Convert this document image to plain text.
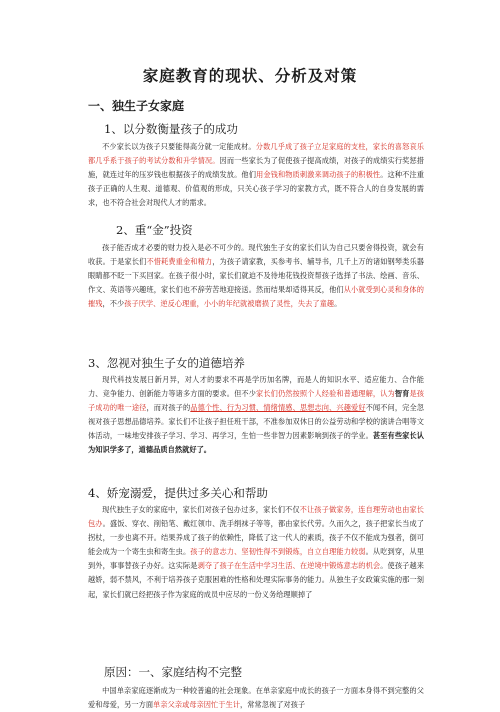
家庭教育的现状、分析及对策
一、独生子女家庭
1、以分数衡量孩子的成功
不少家长以为孩子只要能得高分就一定能成材。分数几乎成了孩子立足家庭的支柱，家长的喜怒哀乐都几乎系于孩子的考试分数和升学情况。因而一些家长为了促使孩子提高成绩，对孩子的成绩实行奖惩措施，就连过年的压岁钱也根据孩子的成绩发放。他们用金钱和物质刺激来调动孩子的积极性。这种不注重孩子正确的人生观、道德观、价值观的形成，只关心孩子学习的家教方式，既不符合人的自身发展的需求，也不符合社会对现代人才的需求。
2、重“金”投资
孩子能否成才必要的财力投入是必不可少的。现代独生子女的家长们认为自己只要舍得投资，就会有收获。于是家长们不惜耗费重金和精力，为孩子请家教，买参考书、辅导书，几千上万的诸如钢琴类乐器眼睛都不眨一下买回家。在孩子很小时，家长们就迫不及待地花钱投资帮孩子选择了书法、绘画、音乐、作文、英语等兴趣班，家长们也不辞劳苦地迎接送。然而结果却适得其反，他们从小就受到心灵和身体的摧残，不少孩子厌学、逆反心理重，小小的年纪就被磨损了灵性，失去了童趣。
3、忽视对独生子女的道德培养
现代科技发展日新月异，对人才的要求不再是学历加名牌，而是人的知识水平、适应能力、合作能力、竞争能力、创新能力等诸多方面的要求。但不少家长们仍然按照个人经验和普通理解，认为智育是孩子成功的唯一途径，而对孩子的品德个性、行为习惯、情绪情感、思想志向、兴趣爱好不闻不问，完全忽视对孩子思想品德培养。家长们不让孩子担任班干部，不准参加双休日的公益劳动和学校的演讲合唱等文体活动，一味地安排孩子学习、学习、再学习，生怕一些非智力因素影响到孩子的学业。甚至有些家长认为知识学多了，道德品质自然就好了。
4、娇宠溺爱，提供过多关心和帮助
现代独生子女的家庭中，家长们对孩子包办过多，家长们不仅不让孩子做家务，连自理劳动也由家长包办。盛饭、穿衣、削铅笔、戴红领巾、洗手绢袜子等等，都由家长代劳。久而久之，孩子把家长当成了拐杖，一步也离不开。结果养成了孩子的依赖性，降低了这一代人的素质，孩子不仅不能成为强者，倒可能会成为一个寄生虫和寄生虫。孩子的意志力、坚韧性得不到锻炼，自立自理能力较弱。从吃到穿，从里到外，事事替孩子办好。这实际是剥夺了孩子在生活中学习生活、在逆境中锻炼意志的机会。使孩子越来越娇，弱不禁风，不利于培养孩子克服困难的性格和处理实际事务的能力。从独生子女政策实施的那一刻起，家长们就已经把孩子作为家庭的成员中应尽的一份义务给理顺掉了
原因：一、家庭结构不完整
中国单亲家庭逐渐成为一种较普遍的社会现象。在单亲家庭中成长的孩子一方面本身得不到完整的父爱和母爱，另一方面单亲父亲或母亲因忙于生计，常常忽视了对孩子
